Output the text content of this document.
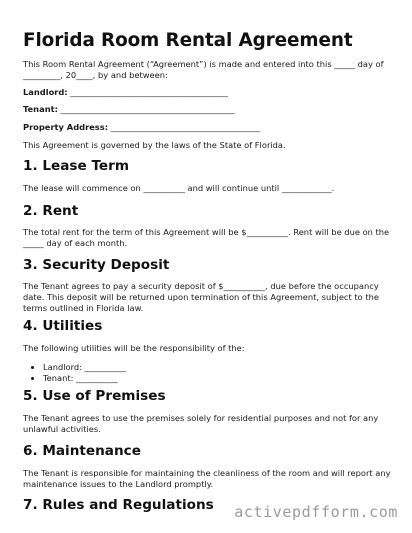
Florida Room Rental Agreement

This Room Rental Agreement (“Agreement”) is made and entered into this _____ day of _________, 20____, by and between:

Landlord: ______________________________________
Tenant: __________________________________________
Property Address: ____________________________________

This Agreement is governed by the laws of the State of Florida.

1. Lease Term

The lease will commence on __________ and will continue until ____________.

2. Rent

The total rent for the term of this Agreement will be $__________. Rent will be due on the _____ day of each month.

3. Security Deposit

The Tenant agrees to pay a security deposit of $__________, due before the occupancy date. This deposit will be returned upon termination of this Agreement, subject to the terms outlined in Florida law.

4. Utilities

The following utilities will be the responsibility of the:

• Landlord: __________
• Tenant: __________
5. Use of Premises

The Tenant agrees to use the premises solely for residential purposes and not for any unlawful activities.

6. Maintenance

The Tenant is responsible for maintaining the cleanliness of the room and will report any maintenance issues to the Landlord promptly.

7. Rules and Regulations	activepdfform.com
